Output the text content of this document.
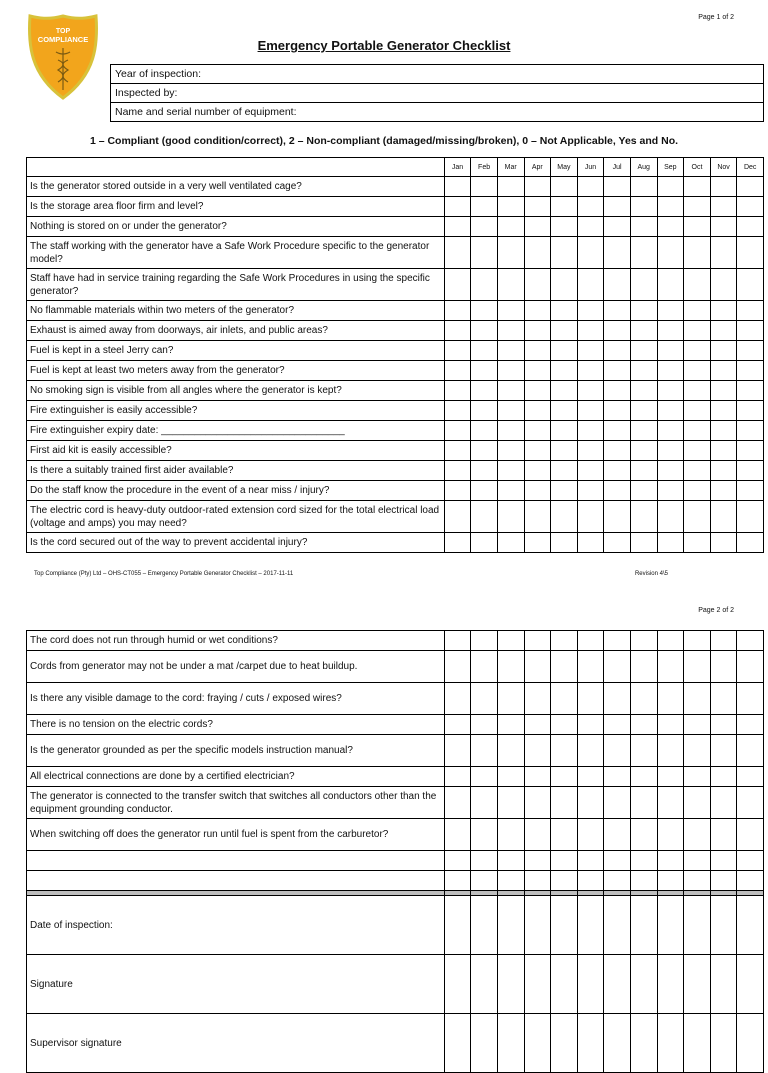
Page 1 of 2
TOP
COMPLIANCE	Emergency Portable Generator Checklist
Year of inspection:
Inspected by:
Name and serial number of equipment:
1 – Compliant (good condition/correct), 2 – Non-compliant (damaged/missing/broken), 0 – Not Applicable, Yes and No.
	Jan	Feb	Mar	Apr	May	Jun	Jul	Aug	Sep	Oct	Nov	Dec
Is the generator stored outside in a very well ventilated cage?												
Is the storage area floor firm and level?												
Nothing is stored on or under the generator?												
The staff working with the generator have a Safe Work Procedure specific to the generator model?												
Staff have had in service training regarding the Safe Work Procedures in using the specific generator?												
No flammable materials within two meters of the generator?												
Exhaust is aimed away from doorways, air inlets, and public areas?												
Fuel is kept in a steel Jerry can?												
Fuel is kept at least two meters away from the generator?												
No smoking sign is visible from all angles where the generator is kept?												
Fire extinguisher is easily accessible?												
Fire extinguisher expiry date: _________________________________												
First aid kit is easily accessible?												
Is there a suitably trained first aider available?												
Do the staff know the procedure in the event of a near miss / injury?												
The electric cord is heavy-duty outdoor-rated extension cord sized for the total electrical load (voltage and amps) you may need?												
Is the cord secured out of the way to prevent accidental injury?												
Top Compliance (Pty) Ltd – OHS-CT055 – Emergency Portable Generator Checklist – 2017-11-11	Revision 4\5
Page 2 of 2
The cord does not run through humid or wet conditions?												
Cords from generator may not be under a mat /carpet due to heat buildup.												
Is there any visible damage to the cord: fraying / cuts / exposed wires?												
There is no tension on the electric cords?												
Is the generator grounded as per the specific models instruction manual?												
All electrical connections are done by a certified electrician?												
The generator is connected to the transfer switch that switches all conductors other than the equipment grounding conductor.												
When switching off does the generator run until fuel is spent from the carburetor?												

Date of inspection:												
Signature												
Supervisor signature												
